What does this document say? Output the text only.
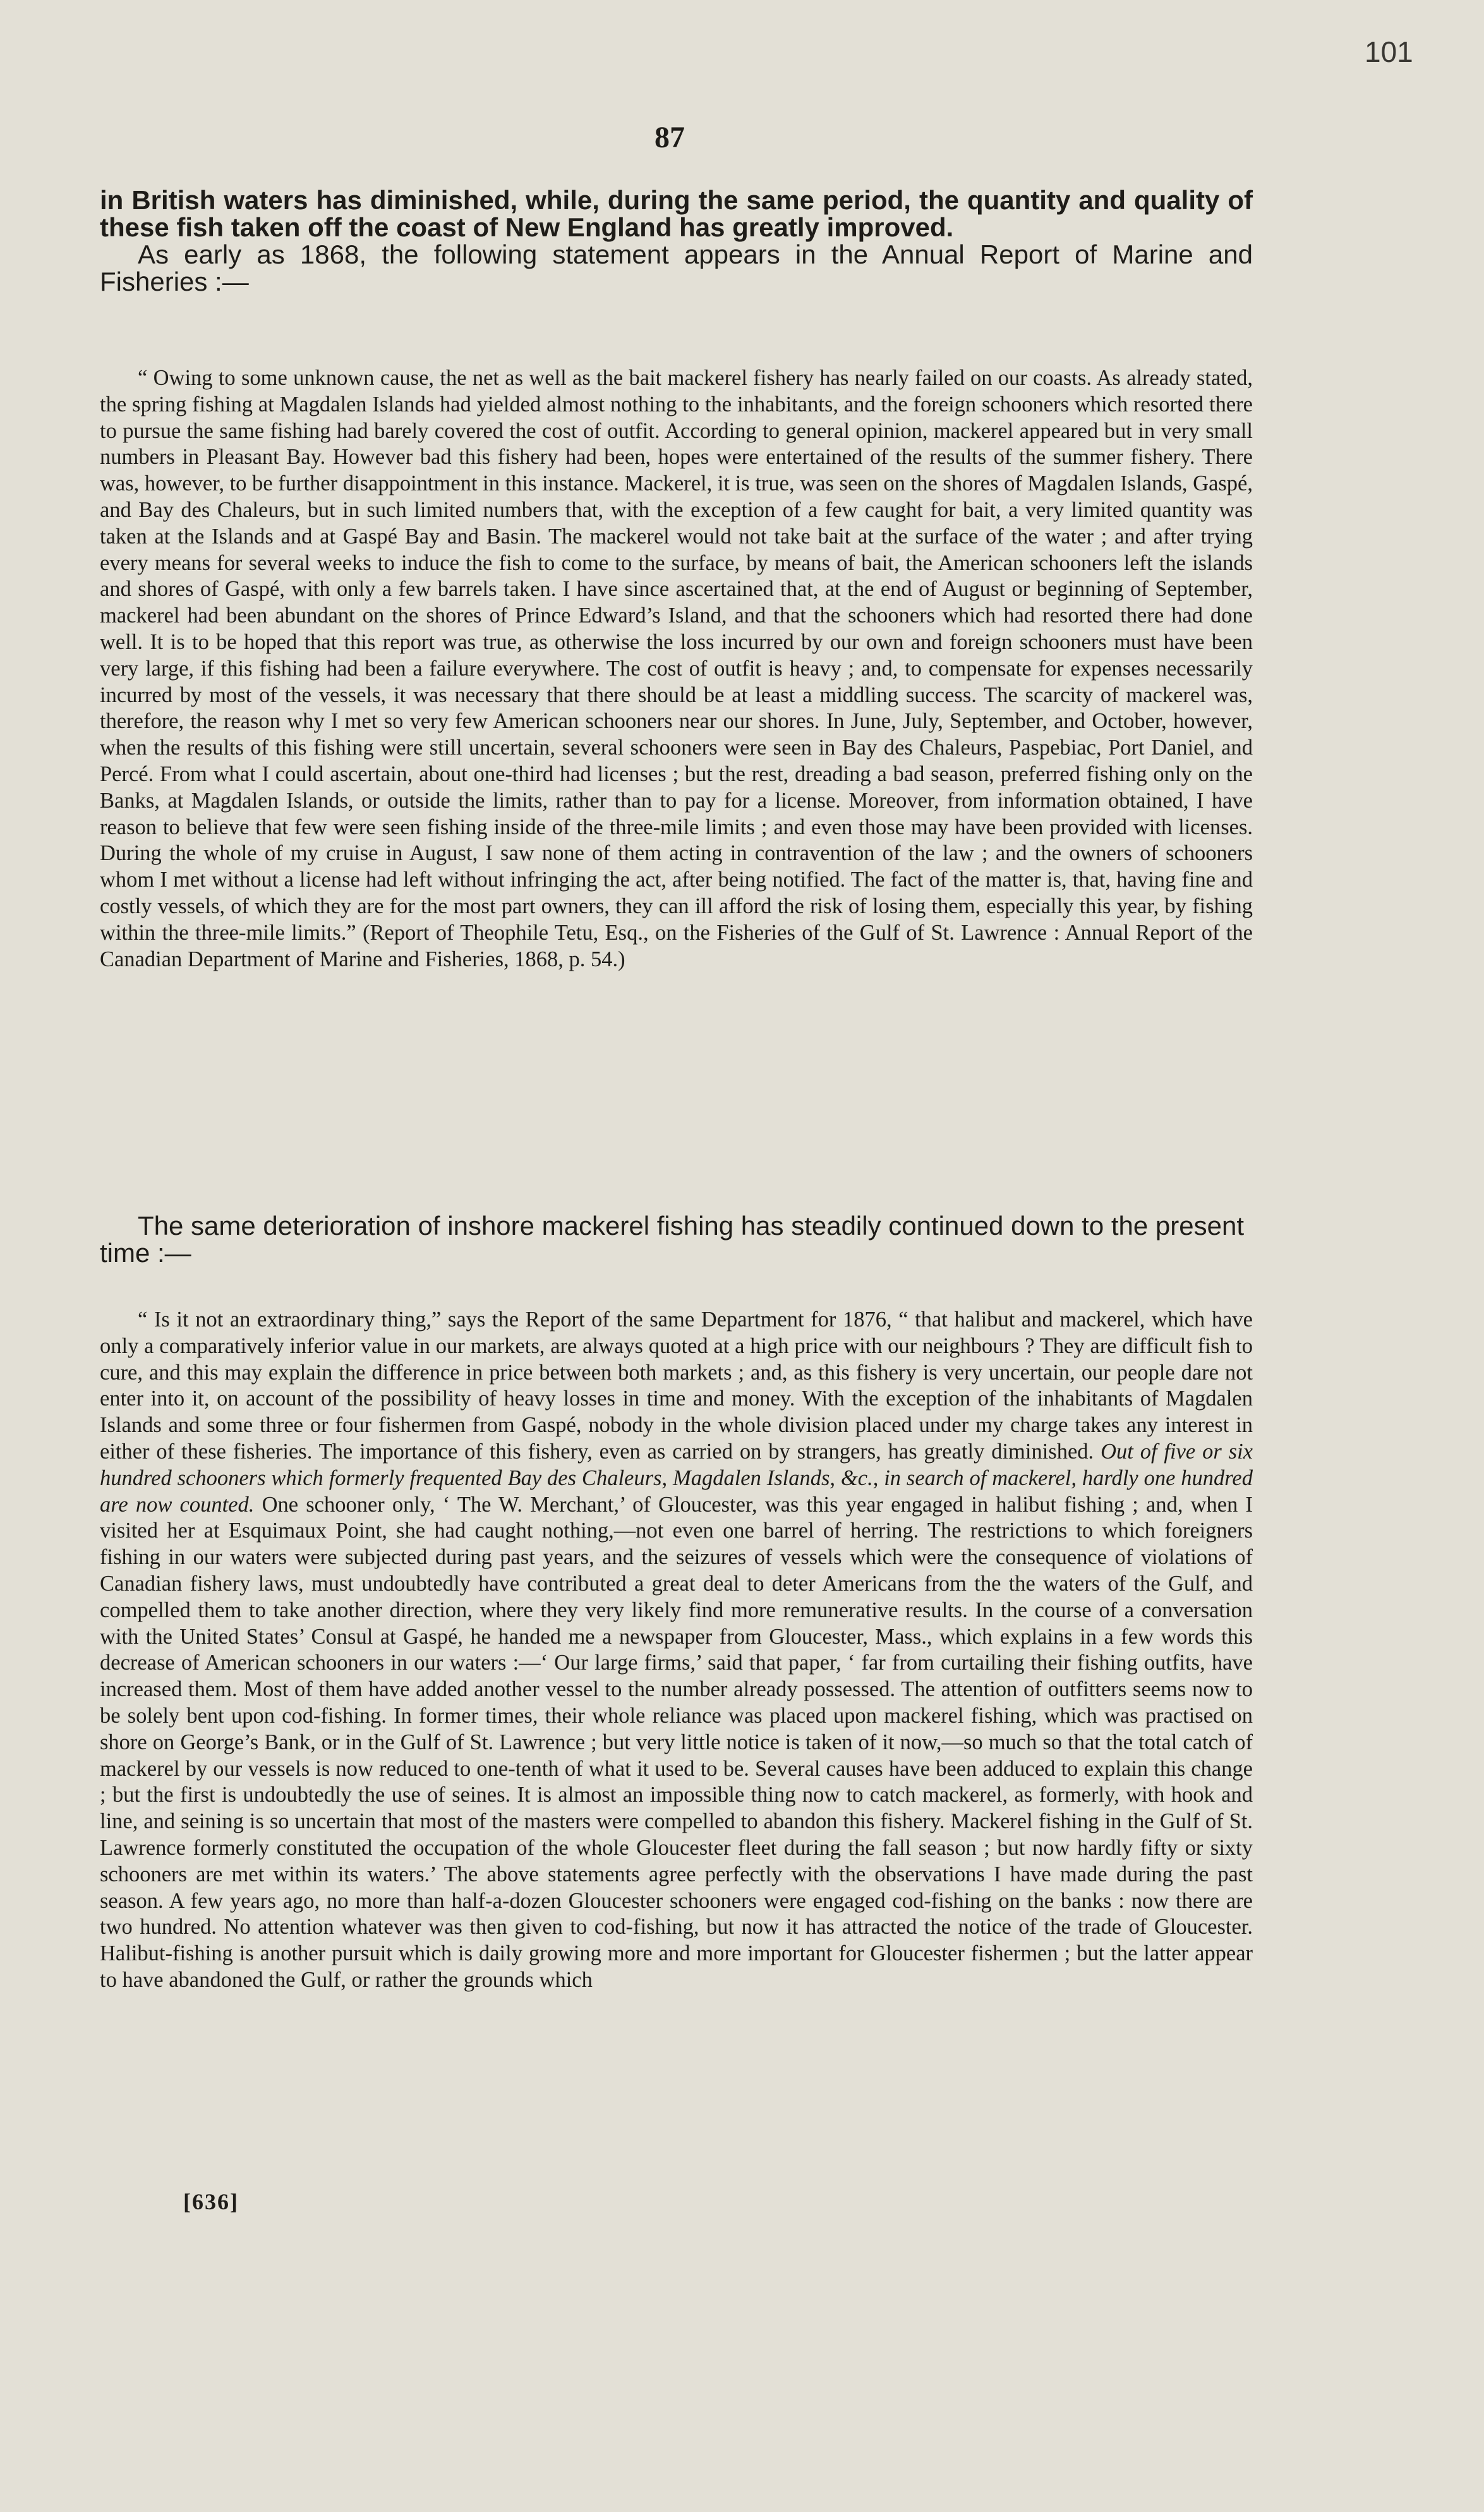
101
87

in British waters has diminished, while, during the same period, the quantity and quality of these fish taken off the coast of New England has greatly improved.

As early as 1868, the following statement appears in the Annual Report of Marine and Fisheries :—

“ Owing to some unknown cause, the net as well as the bait mackerel fishery has nearly failed on our coasts. As already stated, the spring fishing at Magdalen Islands had yielded almost nothing to the inhabitants, and the foreign schooners which resorted there to pursue the same fishing had barely covered the cost of outfit. According to general opinion, mackerel appeared but in very small numbers in Pleasant Bay. However bad this fishery had been, hopes were entertained of the results of the summer fishery. There was, however, to be further disappointment in this instance. Mackerel, it is true, was seen on the shores of Magdalen Islands, Gaspé, and Bay des Chaleurs, but in such limited numbers that, with the exception of a few caught for bait, a very limited quantity was taken at the Islands and at Gaspé Bay and Basin. The mackerel would not take bait at the surface of the water ; and after trying every means for several weeks to induce the fish to come to the surface, by means of bait, the American schooners left the islands and shores of Gaspé, with only a few barrels taken. I have since ascertained that, at the end of August or beginning of September, mackerel had been abundant on the shores of Prince Edward’s Island, and that the schooners which had resorted there had done well. It is to be hoped that this report was true, as otherwise the loss incurred by our own and foreign schooners must have been very large, if this fishing had been a failure everywhere. The cost of outfit is heavy ; and, to compensate for expenses necessarily incurred by most of the vessels, it was necessary that there should be at least a middling success. The scarcity of mackerel was, therefore, the reason why I met so very few American schooners near our shores. In June, July, September, and October, however, when the results of this fishing were still uncertain, several schooners were seen in Bay des Chaleurs, Paspebiac, Port Daniel, and Percé. From what I could ascertain, about one-third had licenses ; but the rest, dreading a bad season, preferred fishing only on the Banks, at Magdalen Islands, or outside the limits, rather than to pay for a license. Moreover, from information obtained, I have reason to believe that few were seen fishing inside of the three-mile limits ; and even those may have been provided with licenses. During the whole of my cruise in August, I saw none of them acting in contravention of the law ; and the owners of schooners whom I met without a license had left without infringing the act, after being notified. The fact of the matter is, that, having fine and costly vessels, of which they are for the most part owners, they can ill afford the risk of losing them, especially this year, by fishing within the three-mile limits.” (Report of Theophile Tetu, Esq., on the Fisheries of the Gulf of St. Lawrence : Annual Report of the Canadian Department of Marine and Fisheries, 1868, p. 54.)

The same deterioration of inshore mackerel fishing has steadily continued down to the present time :—

“ Is it not an extraordinary thing,” says the Report of the same Department for 1876, “ that halibut and mackerel, which have only a comparatively inferior value in our markets, are always quoted at a high price with our neighbours ? They are difficult fish to cure, and this may explain the difference in price between both markets ; and, as this fishery is very uncertain, our people dare not enter into it, on account of the possibility of heavy losses in time and money. With the exception of the inhabitants of Magdalen Islands and some three or four fishermen from Gaspé, nobody in the whole division placed under my charge takes any interest in either of these fisheries. The importance of this fishery, even as carried on by strangers, has greatly diminished. Out of five or six hundred schooners which formerly frequented Bay des Chaleurs, Magdalen Islands, &c., in search of mackerel, hardly one hundred are now counted. One schooner only, ‘ The W. Merchant,’ of Gloucester, was this year engaged in halibut fishing ; and, when I visited her at Esquimaux Point, she had caught nothing,—not even one barrel of herring. The restrictions to which foreigners fishing in our waters were subjected during past years, and the seizures of vessels which were the consequence of violations of Canadian fishery laws, must undoubtedly have contributed a great deal to deter Americans from the the waters of the Gulf, and compelled them to take another direction, where they very likely find more remunerative results. In the course of a conversation with the United States’ Consul at Gaspé, he handed me a newspaper from Gloucester, Mass., which explains in a few words this decrease of American schooners in our waters :—‘ Our large firms,’ said that paper, ‘ far from curtailing their fishing outfits, have increased them. Most of them have added another vessel to the number already possessed. The attention of outfitters seems now to be solely bent upon cod-fishing. In former times, their whole reliance was placed upon mackerel fishing, which was practised on shore on George’s Bank, or in the Gulf of St. Lawrence ; but very little notice is taken of it now,—so much so that the total catch of mackerel by our vessels is now reduced to one-tenth of what it used to be. Several causes have been adduced to explain this change ; but the first is undoubtedly the use of seines. It is almost an impossible thing now to catch mackerel, as formerly, with hook and line, and seining is so uncertain that most of the masters were compelled to abandon this fishery. Mackerel fishing in the Gulf of St. Lawrence formerly constituted the occupation of the whole Gloucester fleet during the fall season ; but now hardly fifty or sixty schooners are met within its waters.’ The above statements agree perfectly with the observations I have made during the past season. A few years ago, no more than half-a-dozen Gloucester schooners were engaged cod-fishing on the banks : now there are two hundred. No attention whatever was then given to cod-fishing, but now it has attracted the notice of the trade of Gloucester. Halibut-fishing is another pursuit which is daily growing more and more important for Gloucester fishermen ; but the latter appear to have abandoned the Gulf, or rather the grounds which

[636]
